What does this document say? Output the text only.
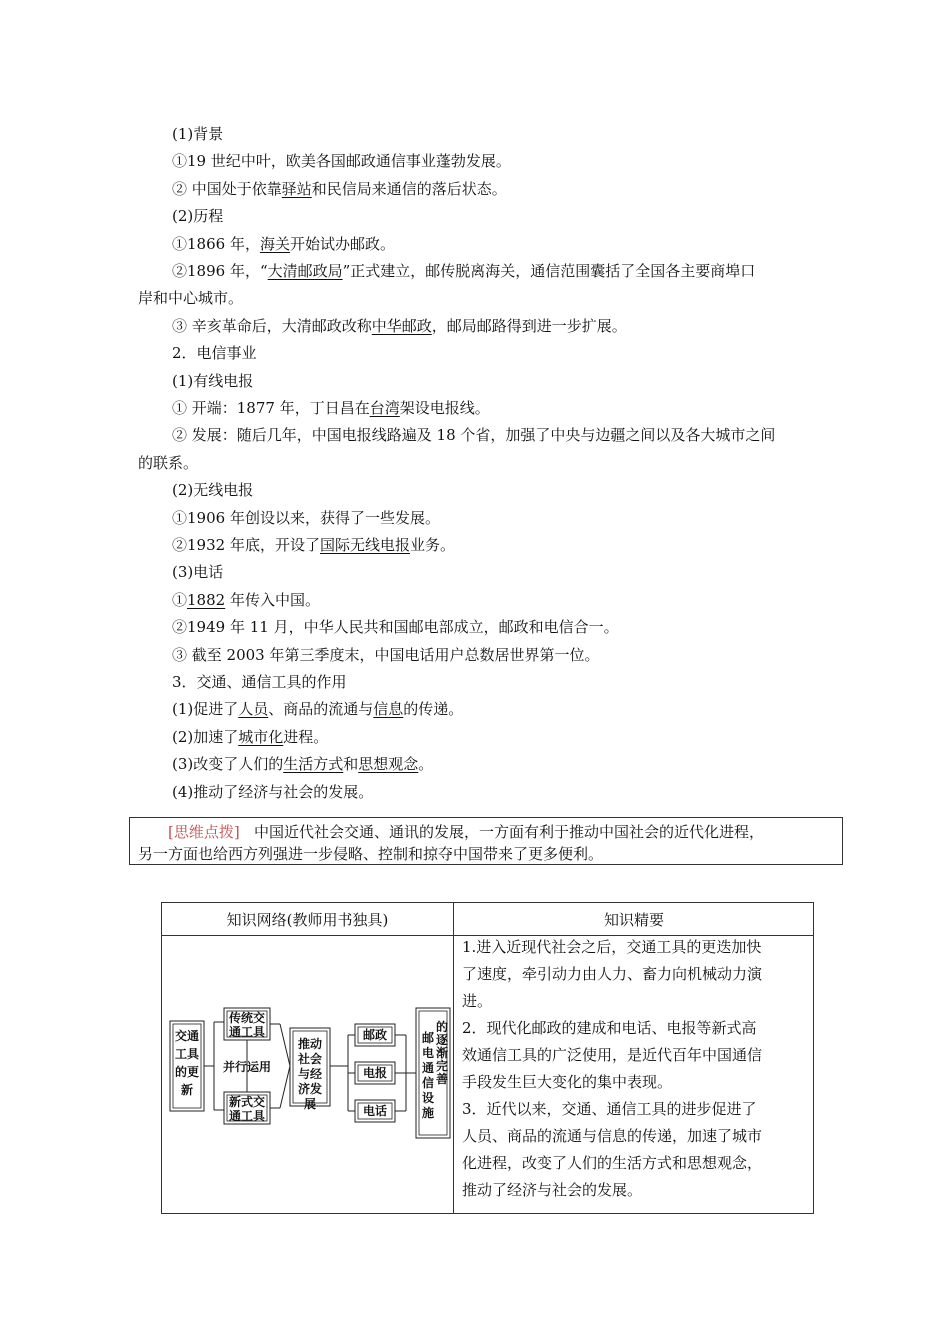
(1)背景
①19 世纪中叶，欧美各国邮政通信事业蓬勃发展。
② 中国处于依靠驿站和民信局来通信的落后状态。
(2)历程
①1866 年，海关开始试办邮政。
②1896 年，“大清邮政局”正式建立，邮传脱离海关，通信范围囊括了全国各主要商埠口
岸和中心城市。
③ 辛亥革命后，大清邮政改称中华邮政，邮局邮路得到进一步扩展。
2．电信事业
(1)有线电报
① 开端：1877 年，丁日昌在台湾架设电报线。
② 发展：随后几年，中国电报线路遍及 18 个省，加强了中央与边疆之间以及各大城市之间
的联系。
(2)无线电报
①1906 年创设以来，获得了一些发展。
②1932 年底，开设了国际无线电报业务。
(3)电话
①1882 年传入中国。
②1949 年 11 月，中华人民共和国邮电部成立，邮政和电信合一。
③ 截至 2003 年第三季度末，中国电话用户总数居世界第一位。
3．交通、通信工具的作用
(1)促进了人员、商品的流通与信息的传递。
(2)加速了城市化进程。
(3)改变了人们的生活方式和思想观念。
(4)推动了经济与社会的发展。
[思维点拨] 中国近代社会交通、通讯的发展，一方面有利于推动中国社会的近代化进程，
另一方面也给西方列强进一步侵略、控制和掠夺中国带来了更多便利。
知识网络(教师用书独具)	知识精要
1.进入近现代社会之后，交通工具的更迭加快
了速度，牵引动力由人力、畜力向机械动力演
进。
2．现代化邮政的建成和电话、电报等新式高
效通信工具的广泛使用，是近代百年中国通信
手段发生巨大变化的集中表现。
3．近代以来，交通、通信工具的进步促进了
人员、商品的流通与信息的传递，加速了城市
化进程，改变了人们的生活方式和思想观念，
推动了经济与社会的发展。
交通
工具
的更
新
传统交
通工具
新式交
通工具
并行运用
推动
社会
与经
济发
展
邮政
电报
电话
的
逐
渐
完
善
邮
电
通
信
设
施
